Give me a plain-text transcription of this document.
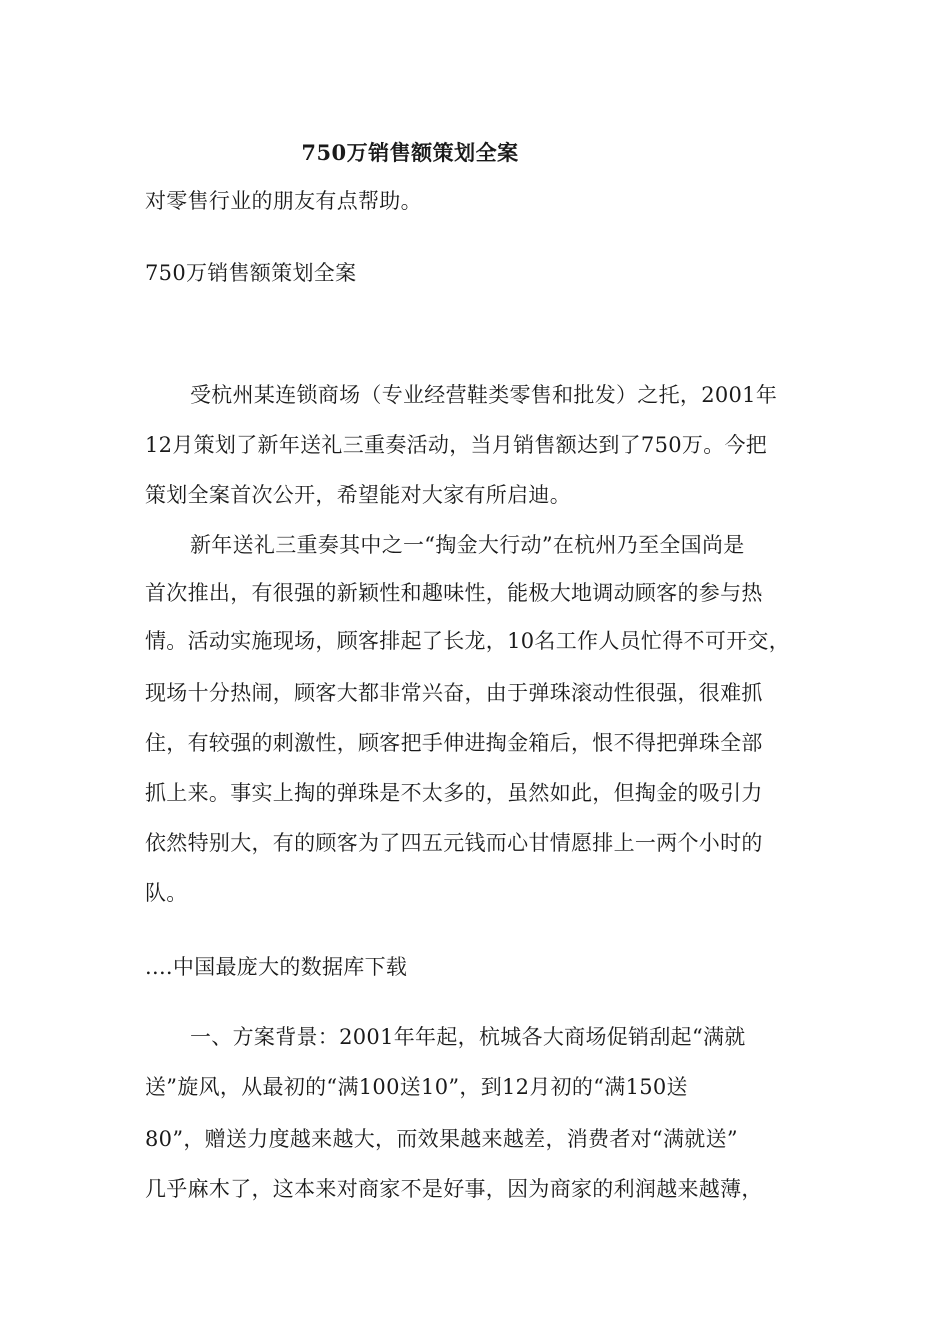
750万销售额策划全案
对零售行业的朋友有点帮助。
750万销售额策划全案
受杭州某连锁商场（专业经营鞋类零售和批发）之托，2001年
12月策划了新年送礼三重奏活动，当月销售额达到了750万。今把
策划全案首次公开，希望能对大家有所启迪。
新年送礼三重奏其中之一“掏金大行动”在杭州乃至全国尚是
首次推出，有很强的新颖性和趣味性，能极大地调动顾客的参与热
情。活动实施现场，顾客排起了长龙，10名工作人员忙得不可开交，
现场十分热闹，顾客大都非常兴奋，由于弹珠滚动性很强，很难抓
住，有较强的刺激性，顾客把手伸进掏金箱后，恨不得把弹珠全部
抓上来。事实上掏的弹珠是不太多的，虽然如此，但掏金的吸引力
依然特别大，有的顾客为了四五元钱而心甘情愿排上一两个小时的
队。
....中国最庞大的数据库下载
一、方案背景：2001年年起，杭城各大商场促销刮起“满就
送”旋风，从最初的“满100送10”，到12月初的“满150送
80”，赠送力度越来越大，而效果越来越差，消费者对“满就送”
几乎麻木了，这本来对商家不是好事，因为商家的利润越来越薄，
